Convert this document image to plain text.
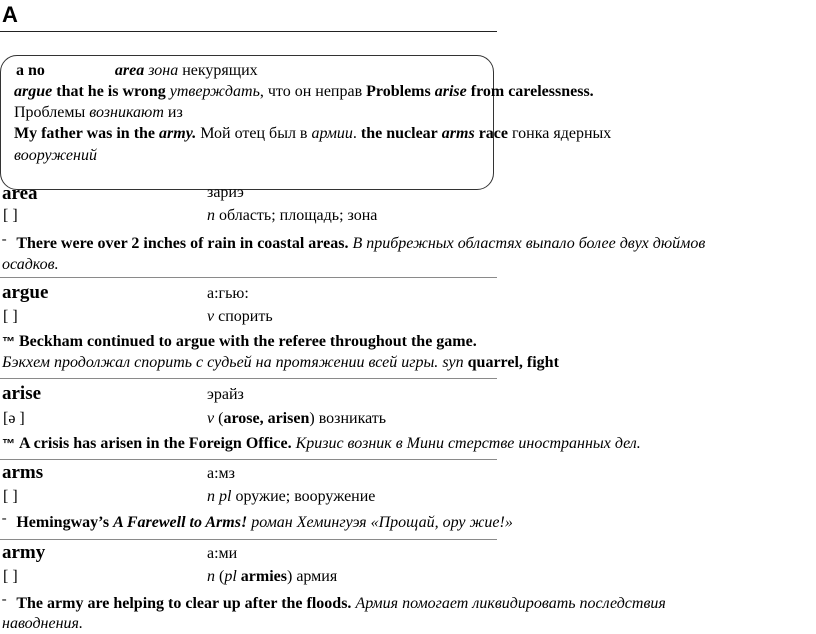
А
a no	area зона некурящих
argue that he is wrong утверждать, что он неправ Problems arise from carelessness.
Проблемы возникают из
My father was in the army. Мой отец был в армии. the nuclear arms race гонка ядерных
вооружений
area	зариэ
[ ]	n область; площадь; зона
ˉ There were over 2 inches of rain in coastal areas. В прибрежных областях выпало более двух дюймов
осадков.
argue	а:гью:
[ ]	v спорить
™ Beckham continued to argue with the referee throughout the game.
Бэкхем продолжал спорить с судьей на протяжении всей игры. syn quarrel, fight
arise	эрайз
[ə ]	v (arose, arisen) возникать
™ A crisis has arisen in the Foreign Office. Кризис возник в Мини стерстве иностранных дел.
arms	а:мз
[ ]	n pl оружие; вооружение
ˉ Hemingway’s A Farewell to Arms! роман Хемингуэя «Прощай, ору жие!»
army	а:ми
[ ]	n (pl armies) армия
ˉ The army are helping to clear up after the floods. Армия помогает ликвидировать последствия
наводнения.
